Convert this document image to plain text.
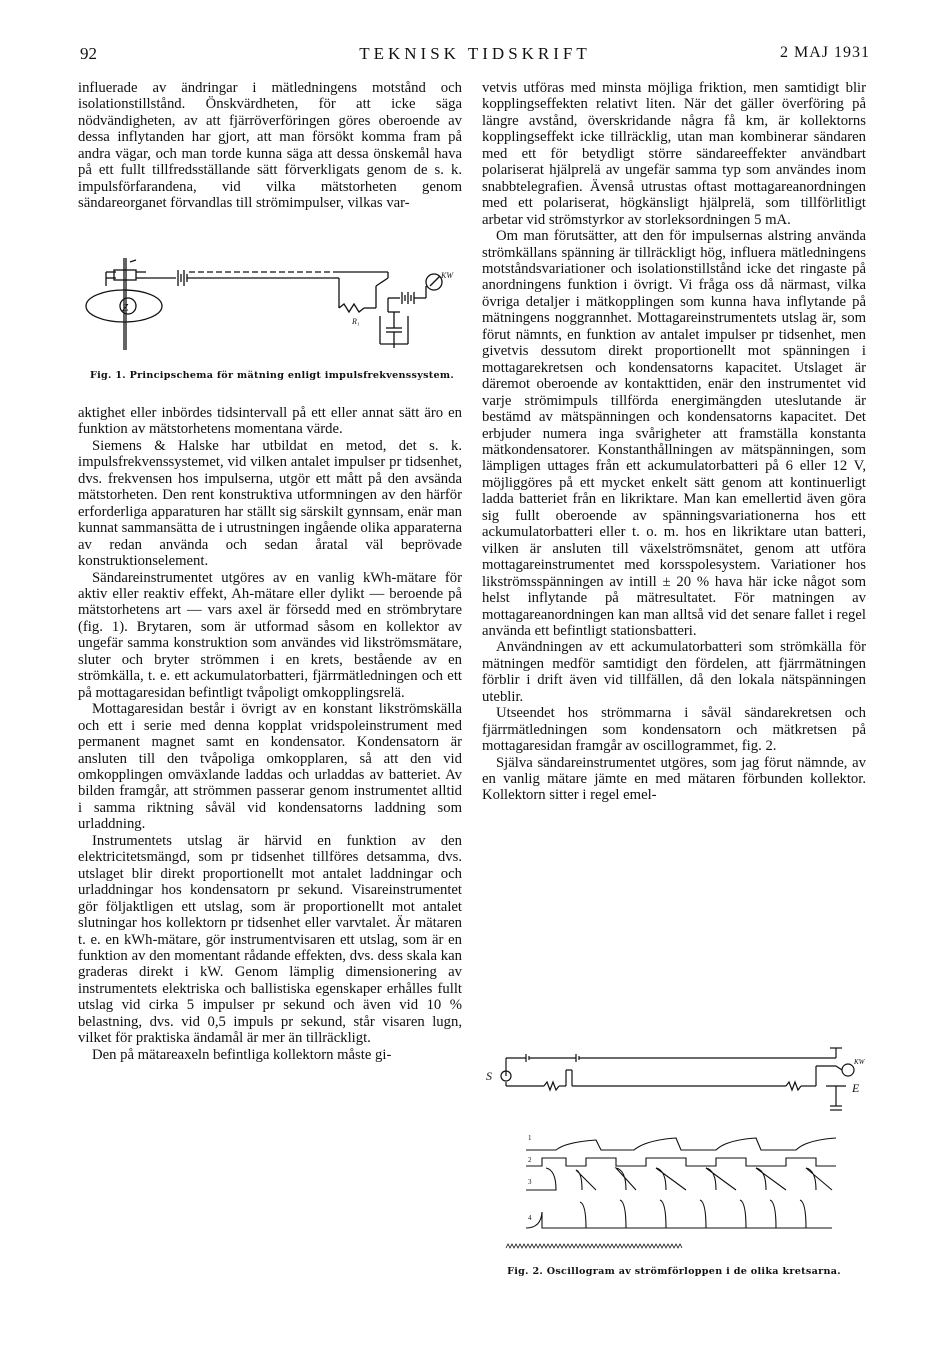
92	TEKNISK TIDSKRIFT	2 MAJ 1931

influerade av ändringar i mätledningens motstånd och isolationstillstånd. Önskvärdheten, för att icke säga nödvändigheten, av att fjärröverföringen göres oberoende av dessa inflytanden har gjort, att man försökt komma fram på andra vägar, och man torde kunna säga att dessa önskemål hava på ett fullt tillfredsställande sätt förverkligats genom de s. k. impulsförfarandena, vid vilka mätstorheten genom sändareorganet förvandlas till strömimpulser, vilkas var-

Z
KW
R₁
Fig. 1. Principschema för mätning enligt impulsfrekvenssystem.

aktighet eller inbördes tidsintervall på ett eller annat sätt äro en funktion av mätstorhetens momentana värde.

Siemens & Halske har utbildat en metod, det s. k. impulsfrekvenssystemet, vid vilken antalet impulser pr tidsenhet, dvs. frekvensen hos impulserna, utgör ett mått på den avsända mätstorheten. Den rent konstruktiva utformningen av den härför erforderliga apparaturen har ställt sig särskilt gynnsam, enär man kunnat sammansätta de i utrustningen ingående olika apparaterna av redan använda och sedan åratal väl beprövade konstruktionselement.

Sändareinstrumentet utgöres av en vanlig kWh-mätare för aktiv eller reaktiv effekt, Ah-mätare eller dylikt — beroende på mätstorhetens art — vars axel är försedd med en strömbrytare (fig. 1). Brytaren, som är utformad såsom en kollektor av ungefär samma konstruktion som användes vid likströmsmätare, sluter och bryter strömmen i en krets, bestående av en strömkälla, t. e. ett ackumulatorbatteri, fjärrmätledningen och ett på mottagaresidan befintligt tvåpoligt omkopplingsrelä.

Mottagaresidan består i övrigt av en konstant likströmskälla och ett i serie med denna kopplat vridspoleinstrument med permanent magnet samt en kondensator. Kondensatorn är ansluten till den tvåpoliga omkopplaren, så att den vid omkopplingen omväxlande laddas och urladdas av batteriet. Av bilden framgår, att strömmen passerar genom instrumentet alltid i samma riktning såväl vid kondensatorns laddning som urladdning.

Instrumentets utslag är härvid en funktion av den elektricitetsmängd, som pr tidsenhet tillföres detsamma, dvs. utslaget blir direkt proportionellt mot antalet laddningar och urladdningar hos kondensatorn pr sekund. Visareinstrumentet gör följaktligen ett utslag, som är proportionellt mot antalet slutningar hos kollektorn pr tidsenhet eller varvtalet. Är mätaren t. e. en kWh-mätare, gör instrumentvisaren ett utslag, som är en funktion av den momentant rådande effekten, dvs. dess skala kan graderas direkt i kW. Genom lämplig dimensionering av instrumentets elektriska och ballistiska egenskaper erhålles fullt utslag vid cirka 5 impulser pr sekund och även vid 10 % belastning, dvs. vid 0,5 impuls pr sekund, står visaren lugn, vilket för praktiska ändamål är mer än tillräckligt.

Den på mätareaxeln befintliga kollektorn måste gi-

vetvis utföras med minsta möjliga friktion, men samtidigt blir kopplingseffekten relativt liten. När det gäller överföring på längre avstånd, överskridande några få km, är kollektorns kopplingseffekt icke tillräcklig, utan man kombinerar sändaren med ett för betydligt större sändareeffekter användbart polariserat hjälprelä av ungefär samma typ som användes inom snabbtelegrafien. Ävenså utrustas oftast mottagareanordningen med ett polariserat, högkänsligt hjälprelä, som tillförlitligt arbetar vid strömstyrkor av storleksordningen 5 mA.

Om man förutsätter, att den för impulsernas alstring använda strömkällans spänning är tillräckligt hög, influera mätledningens motståndsvariationer och isolationstillstånd icke det ringaste på anordningens funktion i övrigt. Vi fråga oss då närmast, vilka övriga detaljer i mätkopplingen som kunna hava inflytande på mätningens noggrannhet. Mottagareinstrumentets utslag är, som förut nämnts, en funktion av antalet impulser pr tidsenhet, men givetvis dessutom direkt proportionellt mot spänningen i mottagarekretsen och kondensatorns kapacitet. Utslaget är däremot oberoende av kontakttiden, enär den instrumentet vid varje strömimpuls tillförda energimängden uteslutande är bestämd av mätspänningen och kondensatorns kapacitet. Det erbjuder numera inga svårigheter att framställa konstanta mätkondensatorer. Konstanthållningen av mätspänningen, som lämpligen uttages från ett ackumulatorbatteri på 6 eller 12 V, möjliggöres på ett mycket enkelt sätt genom att kontinuerligt ladda batteriet från en likriktare. Man kan emellertid även göra sig fullt oberoende av spänningsvariationerna hos ett ackumulatorbatteri eller t. o. m. hos en likriktare utan batteri, vilken är ansluten till växelströmsnätet, genom att utföra mottagareinstrumentet med korsspolesystem. Variationer hos likströmsspänningen av intill ± 20 % hava här icke något som helst inflytande på mätresultatet. För matningen av mottagareanordningen kan man alltså vid det senare fallet i regel använda ett befintligt stationsbatteri.

Användningen av ett ackumulatorbatteri som strömkälla för mätningen medför samtidigt den fördelen, att fjärrmätningen förblir i drift även vid tillfällen, då den lokala nätspänningen uteblir.

Utseendet hos strömmarna i såväl sändarekretsen och fjärrmätledningen som kondensatorn och mätkretsen på mottagaresidan framgår av oscillogrammet, fig. 2.

Själva sändareinstrumentet utgöres, som jag förut nämnde, av en vanlig mätare jämte en med mätaren förbunden kollektor. Kollektorn sitter i regel emel-

S
E
KW
1
2
3
4
Fig. 2. Oscillogram av strömförloppen i de olika kretsarna.
